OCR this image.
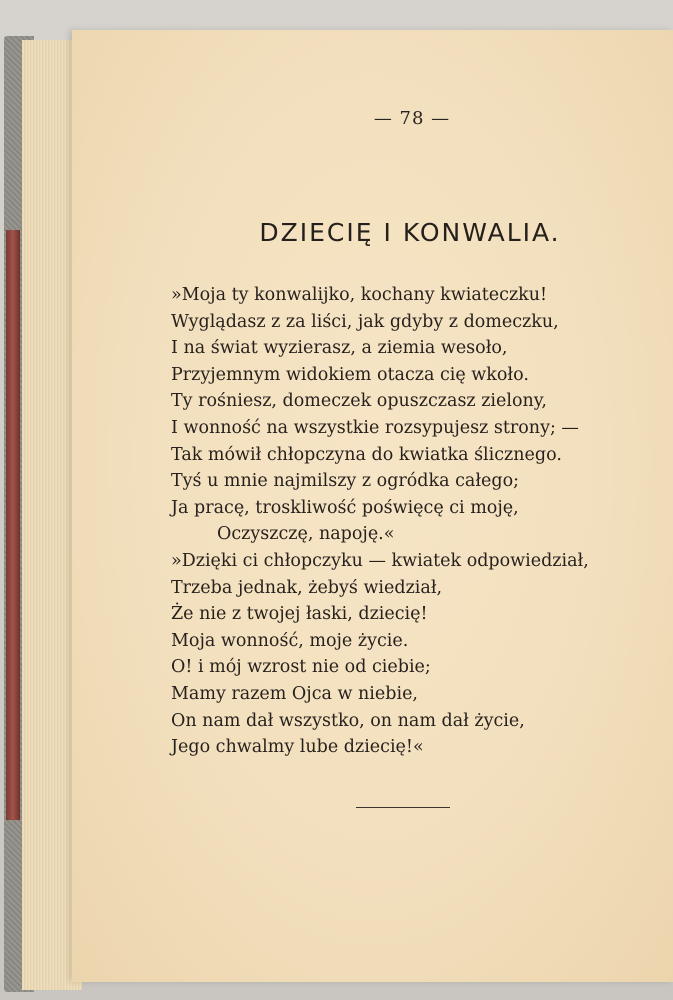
— 78 —
DZIECIĘ I KONWALIA.
»Moja ty konwalijko, kochany kwiateczku!
Wyglądasz z za liści, jak gdyby z domeczku,
I na świat wyzierasz, a ziemia wesoło,
Przyjemnym widokiem otacza cię wkoło.
Ty rośniesz, domeczek opuszczasz zielony,
I wonność na wszystkie rozsypujesz strony; —
Tak mówił chłopczyna do kwiatka ślicznego.
Tyś u mnie najmilszy z ogródka całego;
Ja pracę, troskliwość poświęcę ci moję,
Oczyszczę, napoję.«
»Dzięki ci chłopczyku — kwiatek odpowiedział,
Trzeba jednak, żebyś wiedział,
Że nie z twojej łaski, dziecię!
Moja wonność, moje życie.
O! i mój wzrost nie od ciebie;
Mamy razem Ojca w niebie,
On nam dał wszystko, on nam dał życie,
Jego chwalmy lube dziecię!«
